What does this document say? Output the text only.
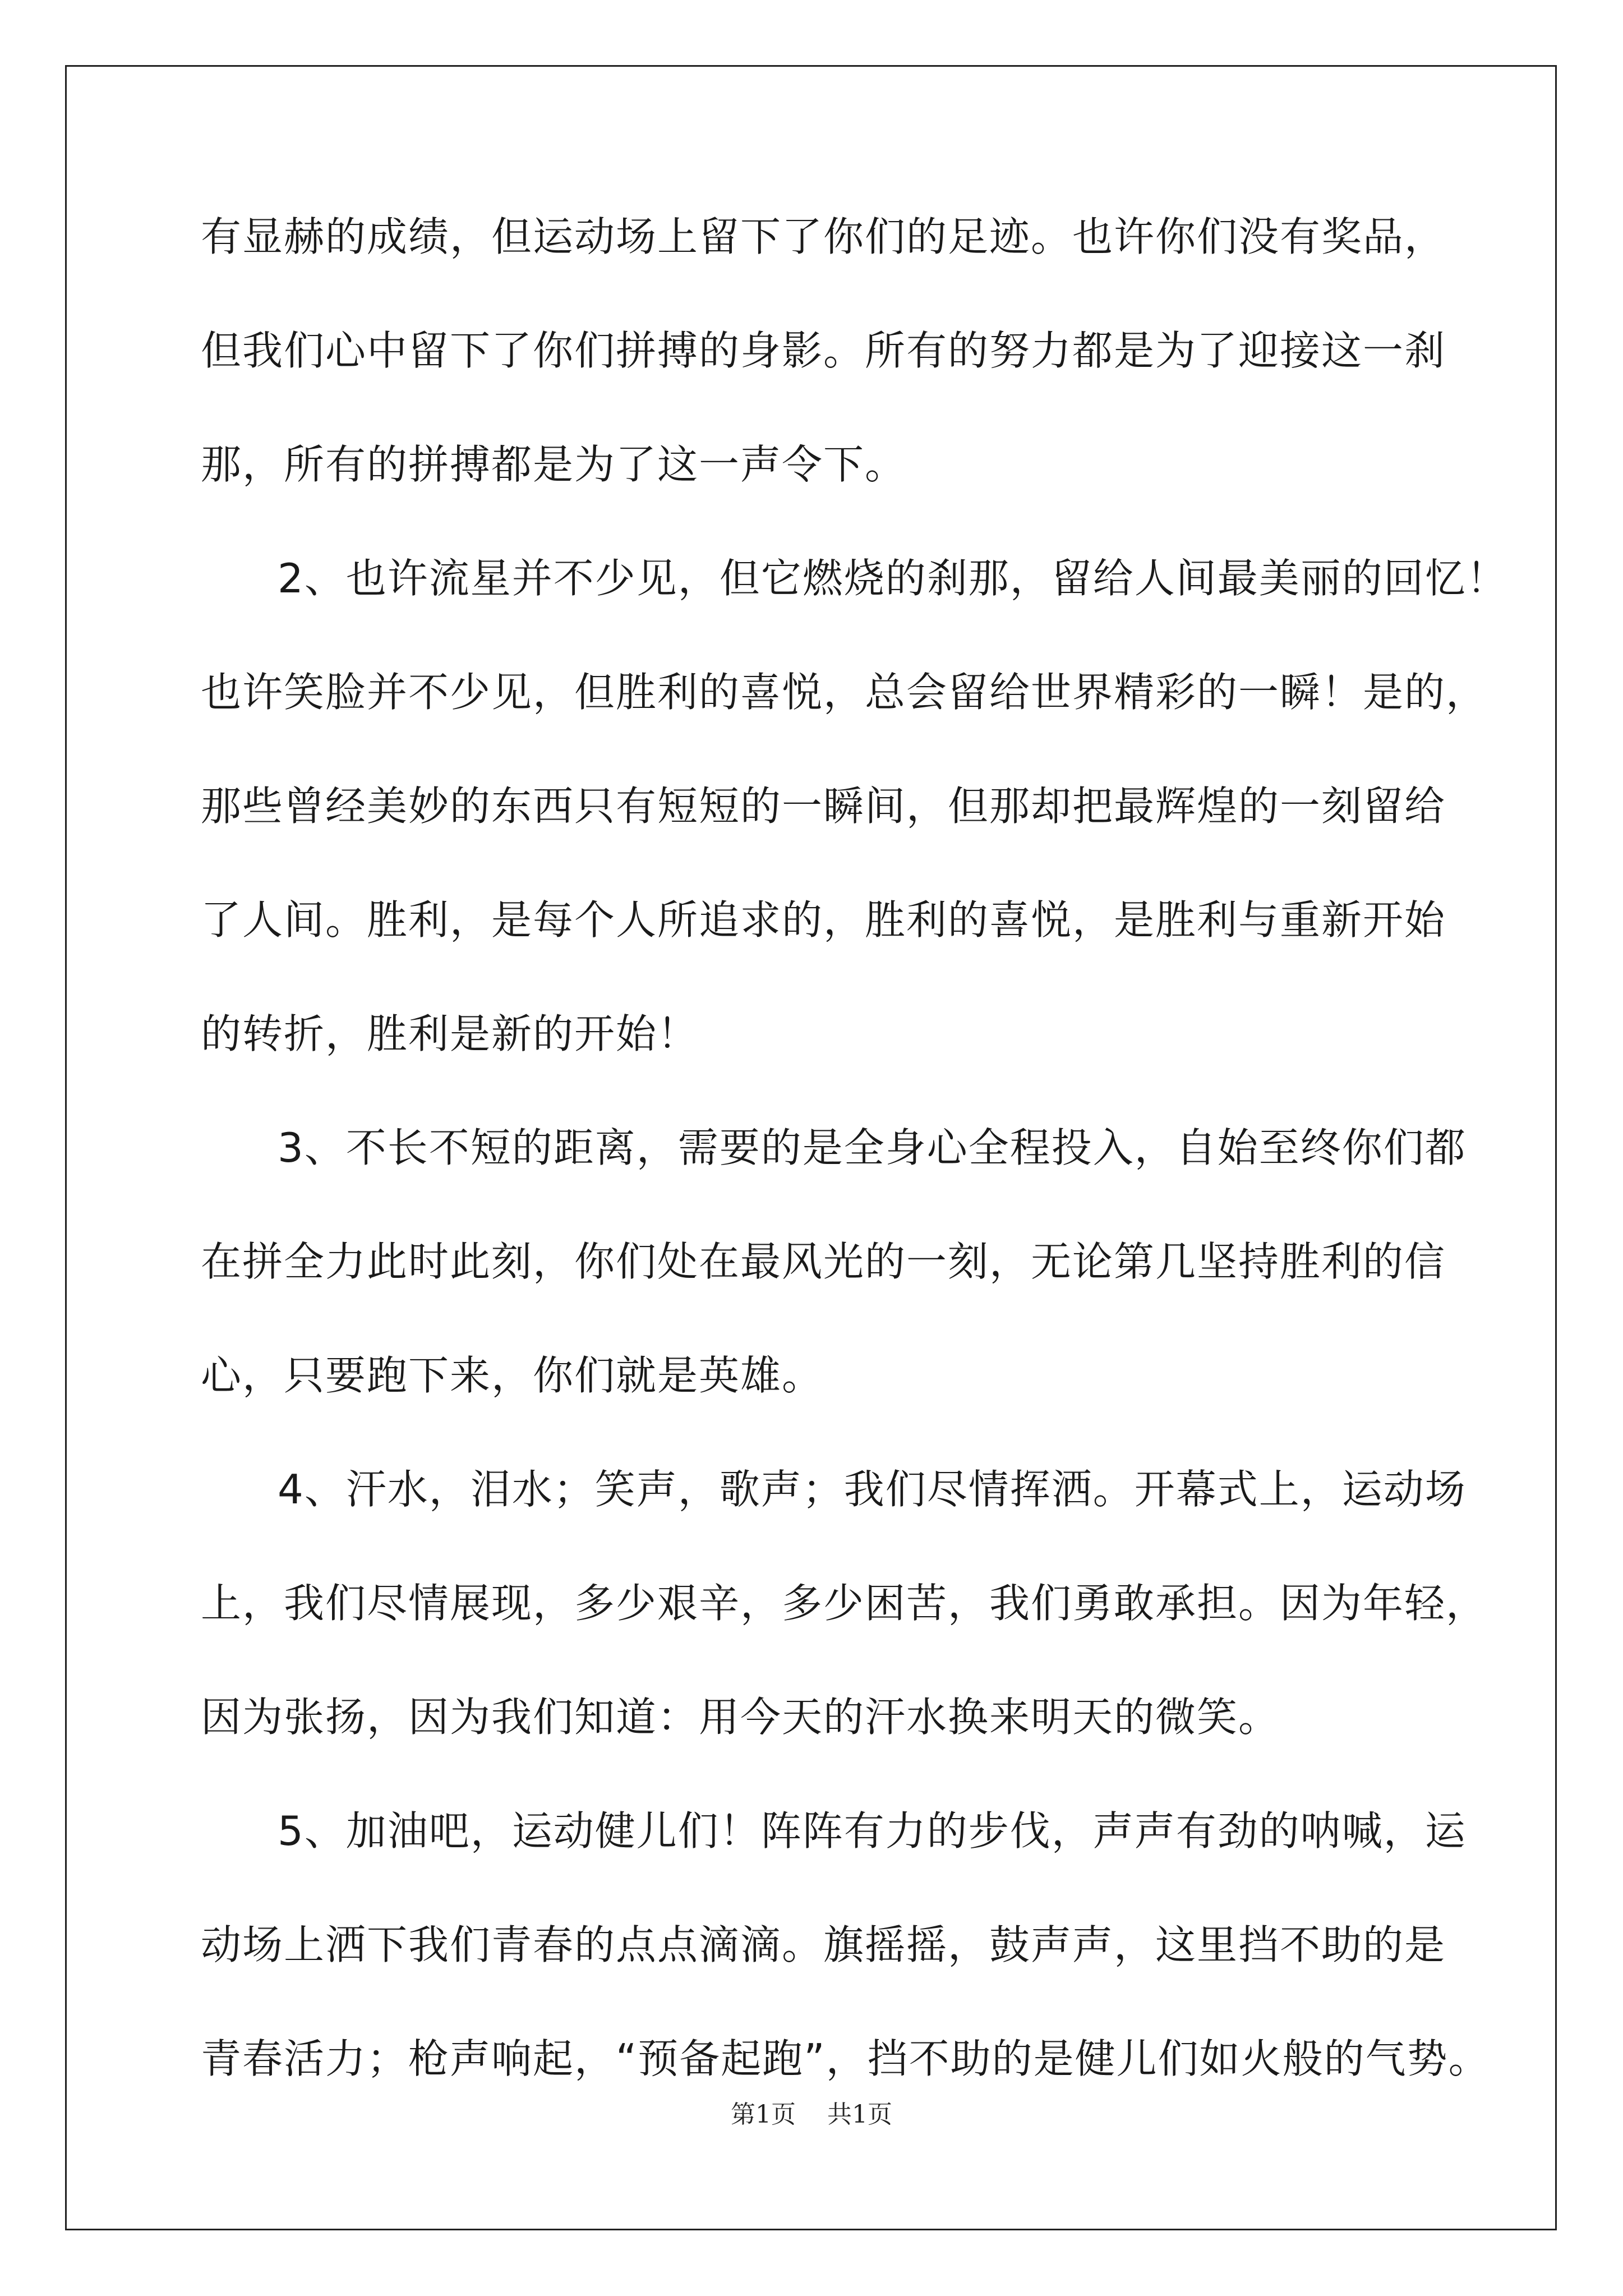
有显赫的成绩，但运动场上留下了你们的足迹。也许你们没有奖品，
但我们心中留下了你们拼搏的身影。所有的努力都是为了迎接这一刹
那，所有的拼搏都是为了这一声令下。
2、也许流星并不少见，但它燃烧的刹那，留给人间最美丽的回忆！
也许笑脸并不少见，但胜利的喜悦，总会留给世界精彩的一瞬！是的，
那些曾经美妙的东西只有短短的一瞬间，但那却把最辉煌的一刻留给
了人间。胜利，是每个人所追求的，胜利的喜悦，是胜利与重新开始
的转折，胜利是新的开始！
3、不长不短的距离，需要的是全身心全程投入，自始至终你们都
在拼全力此时此刻，你们处在最风光的一刻，无论第几坚持胜利的信
心，只要跑下来，你们就是英雄。
4、汗水，泪水；笑声，歌声；我们尽情挥洒。开幕式上，运动场
上，我们尽情展现，多少艰辛，多少困苦，我们勇敢承担。因为年轻，
因为张扬，因为我们知道：用今天的汗水换来明天的微笑。
5、加油吧，运动健儿们！阵阵有力的步伐，声声有劲的呐喊，运
动场上洒下我们青春的点点滴滴。旗摇摇，鼓声声，这里挡不助的是
青春活力；枪声响起，“预备起跑”，挡不助的是健儿们如火般的气势。
第1页    共1页
